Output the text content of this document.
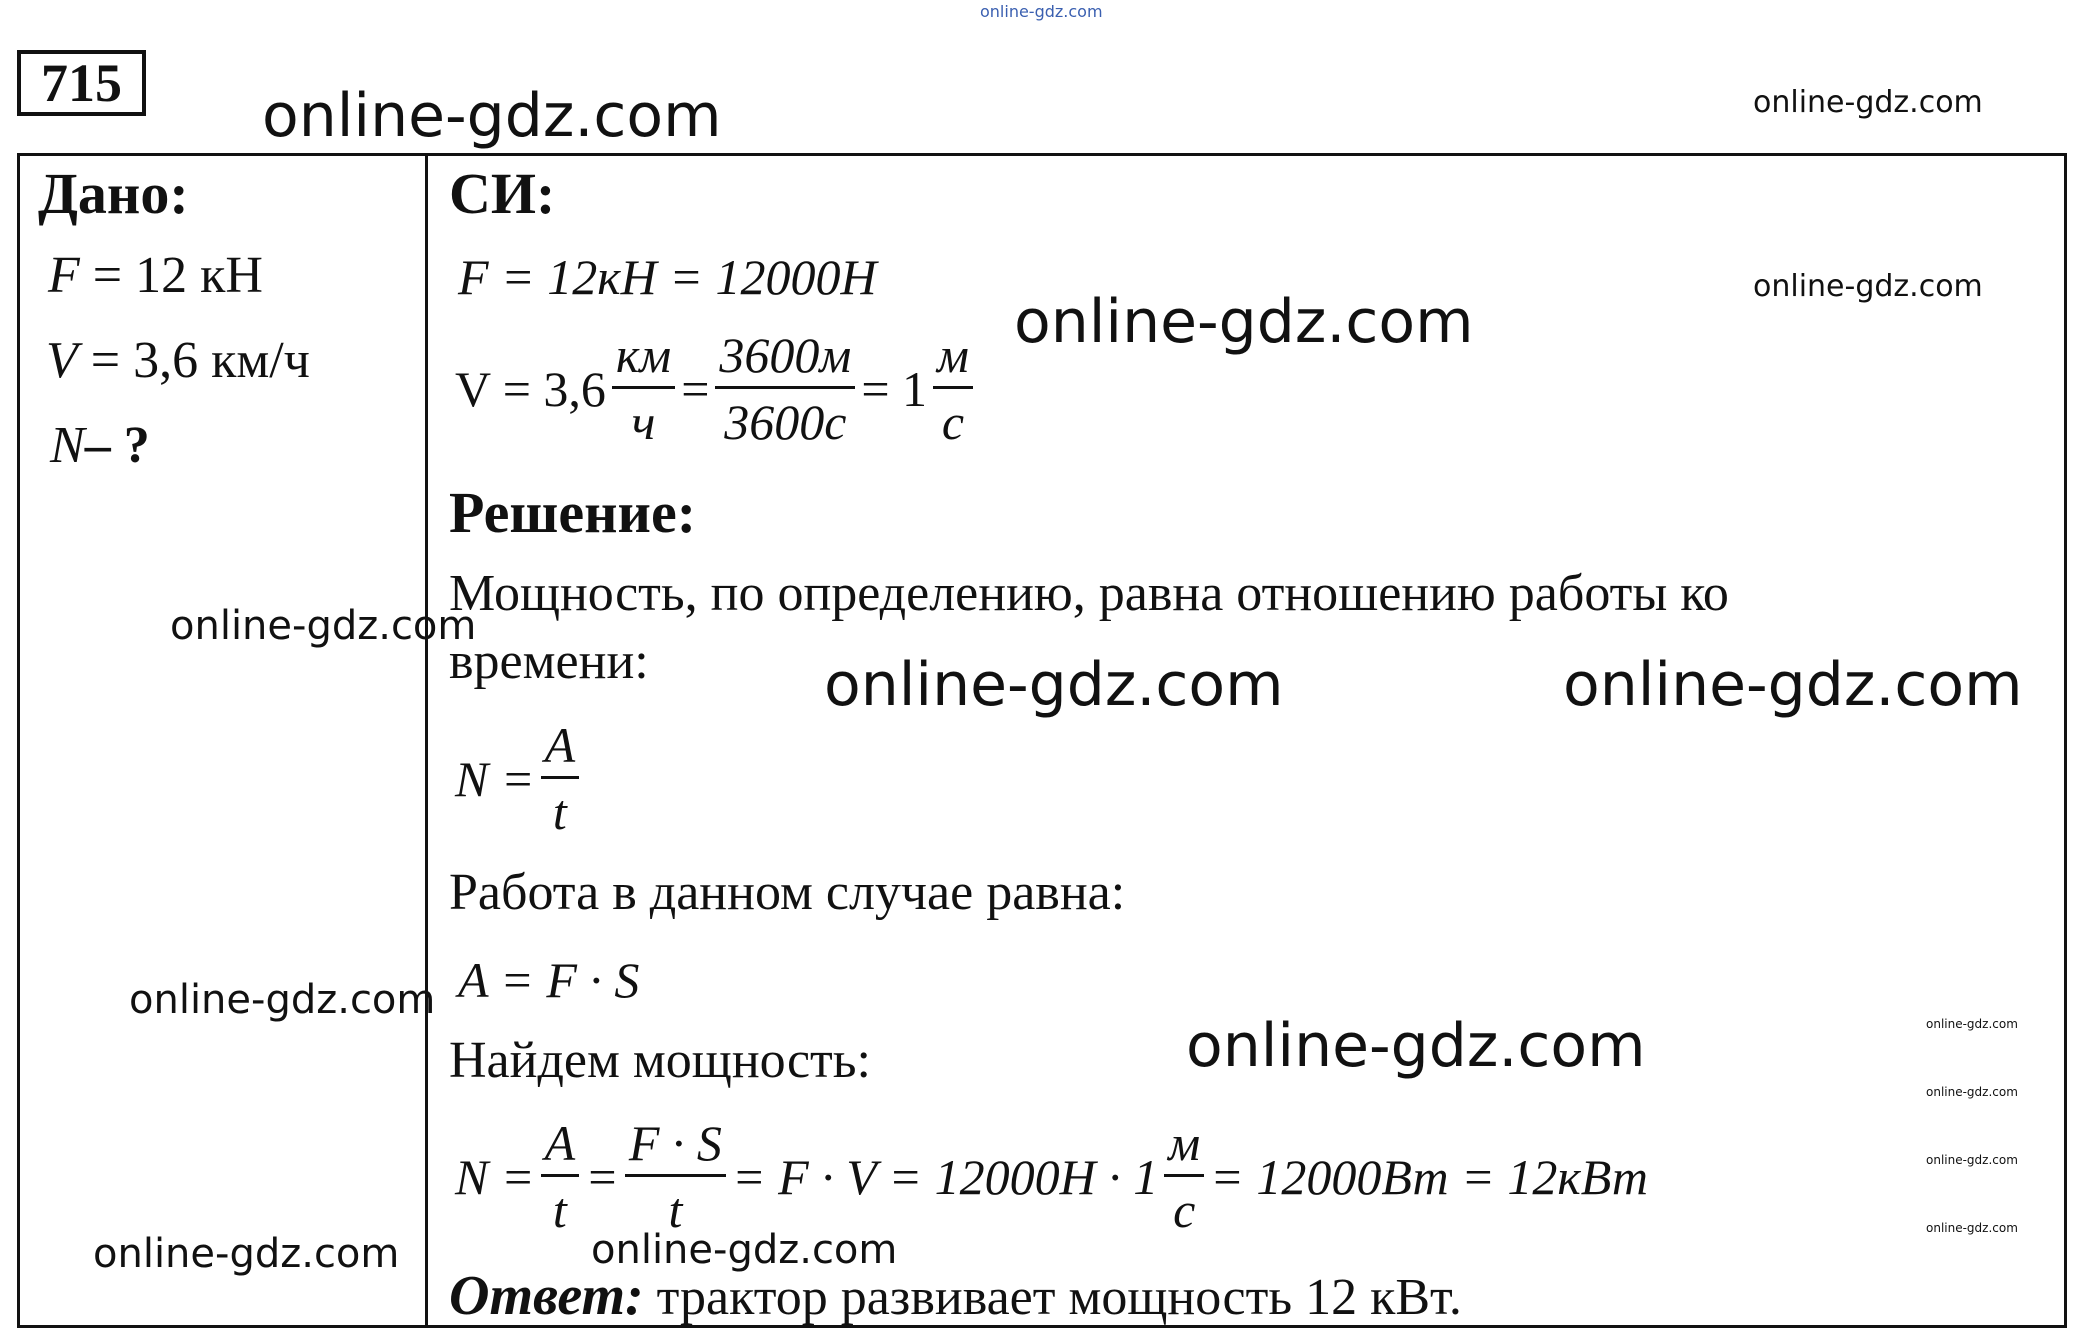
715
Дано:
F = 12 кН
V = 3,6 км/ч
N– ?
СИ:
F = 12кН = 12000Н
$V = 3,6 \frac{км}{ч} = \frac{3600м}{3600с} = 1 \frac{м}{с}$
Решение:
Мощность, по определению, равна отношению работы ко
времени:
$N = \frac{A}{t}$
Работа в данном случае равна:
A = F · S
Найдем мощность:
$N = \frac{A}{t} = \frac{F \cdot S}{t} = F \cdot V = 12000Н \cdot 1 \frac{м}{с} = 12000Вт = 12кВт$
Ответ: трактор развивает мощность 12 кВт.
online-gdz.com
online-gdz.com	online-gdz.com
online-gdz.com
online-gdz.com
online-gdz.com
online-gdz.com	online-gdz.com
online-gdz.com
online-gdz.com	online-gdz.com
online-gdz.com
online-gdz.com
online-gdz.com
online-gdz.com	online-gdz.com
